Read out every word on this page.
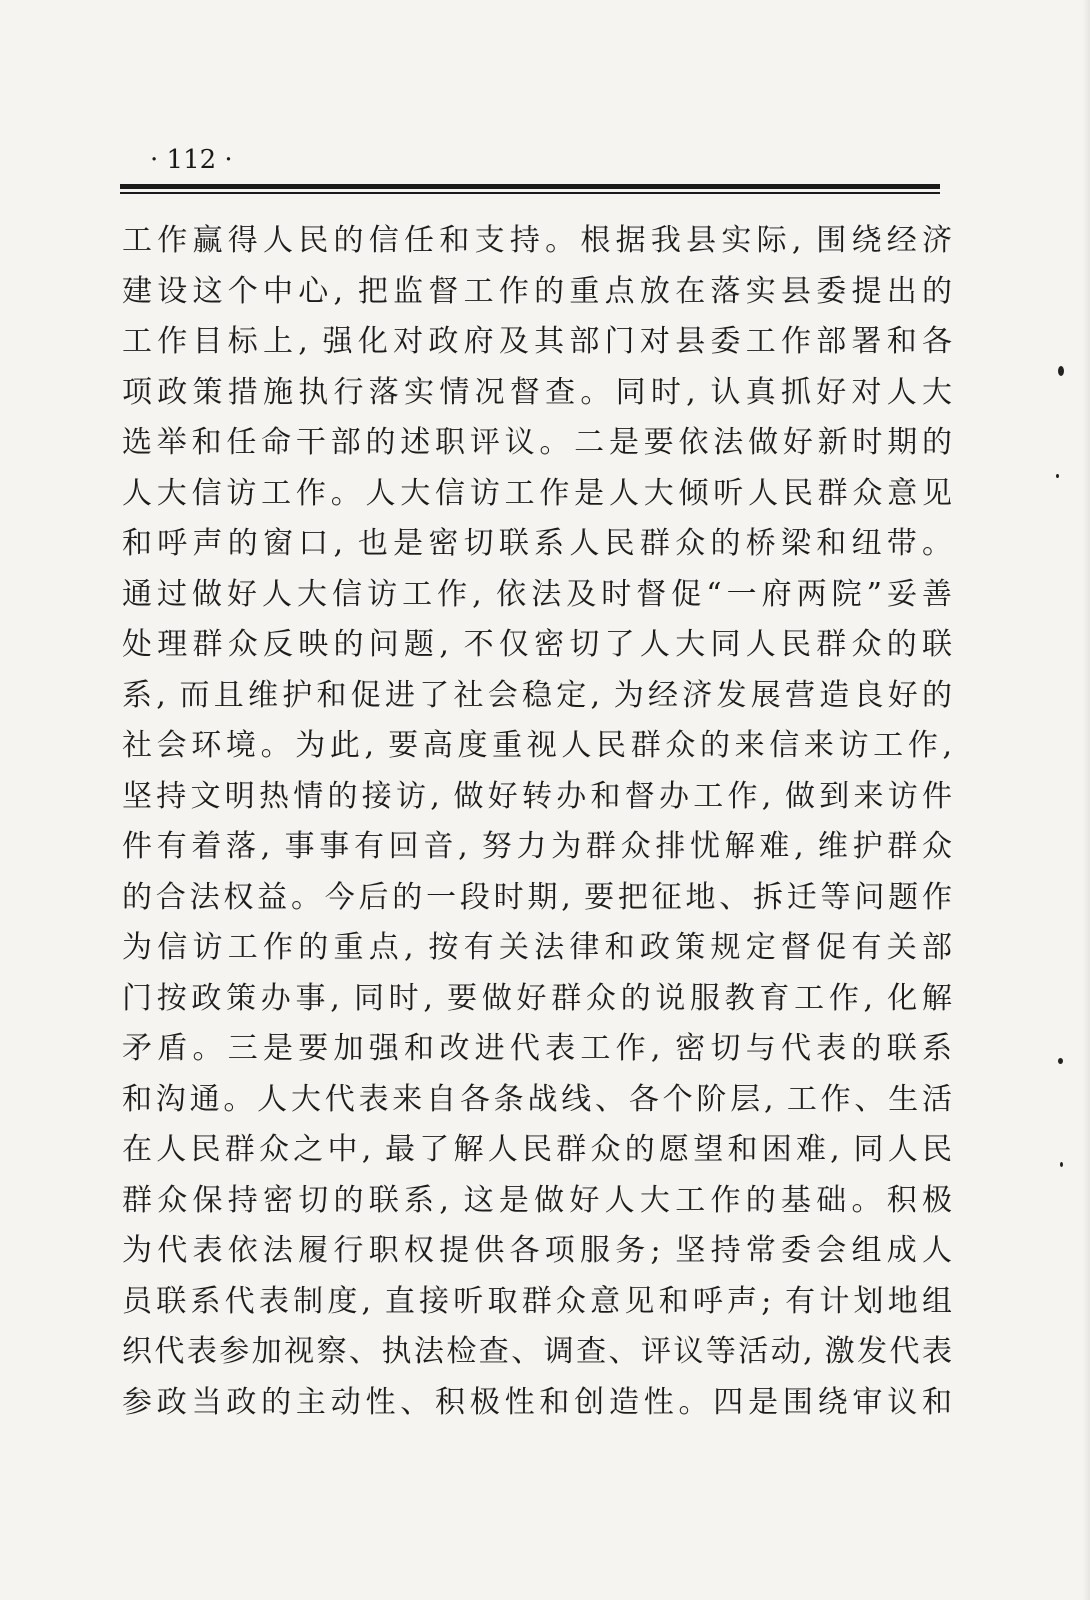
· 112 ·
工作赢得人民的信任和支持。根据我县实际, 围绕经济
建设这个中心, 把监督工作的重点放在落实县委提出的
工作目标上, 强化对政府及其部门对县委工作部署和各
项政策措施执行落实情况督查。同时, 认真抓好对人大
选举和任命干部的述职评议。二是要依法做好新时期的
人大信访工作。人大信访工作是人大倾听人民群众意见
和呼声的窗口, 也是密切联系人民群众的桥梁和纽带。
通过做好人大信访工作, 依法及时督促“一府两院”妥善
处理群众反映的问题, 不仅密切了人大同人民群众的联
系, 而且维护和促进了社会稳定, 为经济发展营造良好的
社会环境。为此, 要高度重视人民群众的来信来访工作,
坚持文明热情的接访, 做好转办和督办工作, 做到来访件
件有着落, 事事有回音, 努力为群众排忧解难, 维护群众
的合法权益。今后的一段时期, 要把征地、拆迁等问题作
为信访工作的重点, 按有关法律和政策规定督促有关部
门按政策办事, 同时, 要做好群众的说服教育工作, 化解
矛盾。三是要加强和改进代表工作, 密切与代表的联系
和沟通。人大代表来自各条战线、各个阶层, 工作、生活
在人民群众之中, 最了解人民群众的愿望和困难, 同人民
群众保持密切的联系, 这是做好人大工作的基础。积极
为代表依法履行职权提供各项服务; 坚持常委会组成人
员联系代表制度, 直接听取群众意见和呼声; 有计划地组
织代表参加视察、执法检查、调查、评议等活动, 激发代表
参政当政的主动性、积极性和创造性。四是围绕审议和
